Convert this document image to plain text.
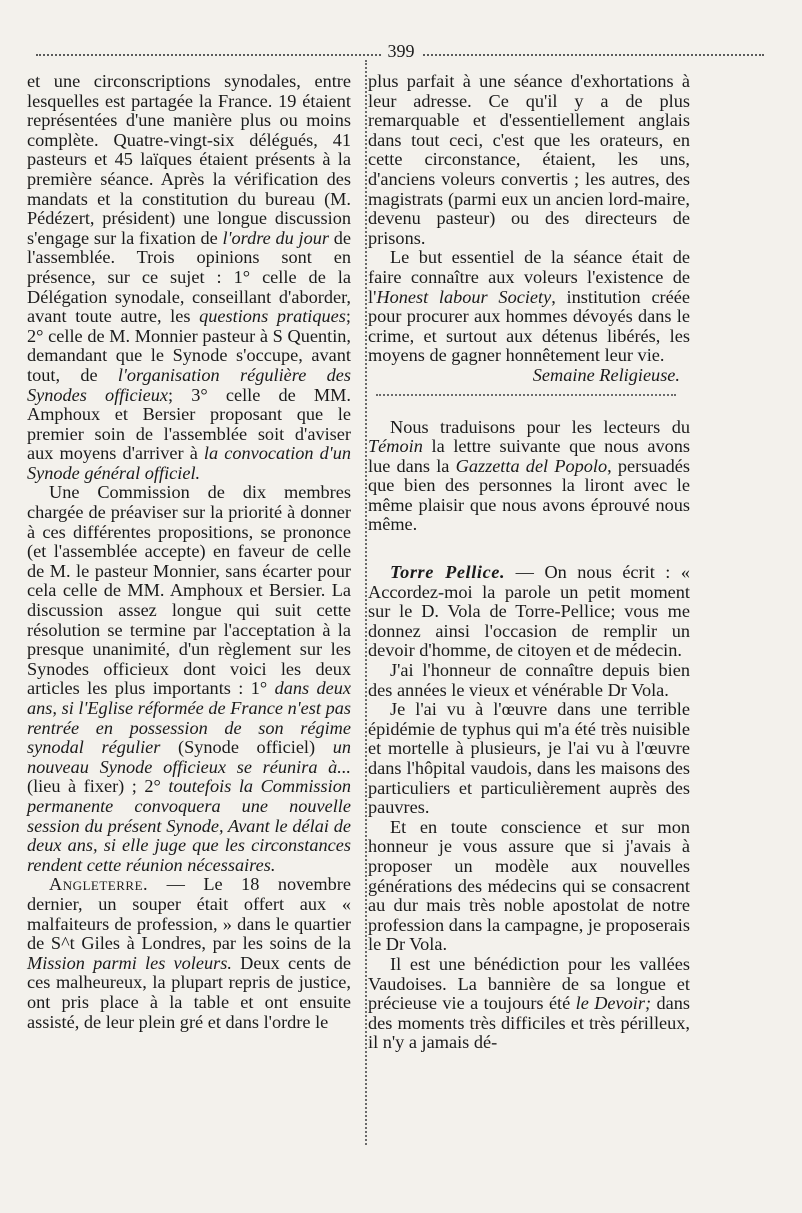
399

et une circonscriptions synodales, entre lesquelles est partagée la France. 19 étaient représentées d'une manière plus ou moins complète. Quatre-vingt-six délégués, 41 pasteurs et 45 laïques étaient présents à la première séance. Après la vérification des mandats et la constitution du bureau (M. Pédézert, président) une longue discussion s'engage sur la fixation de l'ordre du jour de l'assemblée. Trois opinions sont en présence, sur ce sujet : 1° celle de la Délégation synodale, conseillant d'aborder, avant toute autre, les questions pratiques; 2° celle de M. Monnier pasteur à S Quentin, demandant que le Synode s'occupe, avant tout, de l'organisation régulière des Synodes officieux; 3° celle de MM. Amphoux et Bersier proposant que le premier soin de l'assemblée soit d'aviser aux moyens d'arriver à la convocation d'un Synode général officiel.

Une Commission de dix membres chargée de préaviser sur la priorité à donner à ces différentes propositions, se prononce (et l'assemblée accepte) en faveur de celle de M. le pasteur Monnier, sans écarter pour cela celle de MM. Amphoux et Bersier. La discussion assez longue qui suit cette résolution se termine par l'acceptation à la presque unanimité, d'un règlement sur les Synodes officieux dont voici les deux articles les plus importants : 1° dans deux ans, si l'Eglise réformée de France n'est pas rentrée en possession de son régime synodal régulier (Synode officiel) un nouveau Synode officieux se réunira à... (lieu à fixer) ; 2° toutefois la Commission permanente convoquera une nouvelle session du présent Synode, Avant le délai de deux ans, si elle juge que les circonstances rendent cette réunion nécessaires.

Angleterre. — Le 18 novembre dernier, un souper était offert aux « malfaiteurs de profession, » dans le quartier de S^t Giles à Londres, par les soins de la Mission parmi les voleurs. Deux cents de ces malheureux, la plupart repris de justice, ont pris place à la table et ont ensuite assisté, de leur plein gré et dans l'ordre le

plus parfait à une séance d'exhortations à leur adresse. Ce qu'il y a de plus remarquable et d'essentiellement anglais dans tout ceci, c'est que les orateurs, en cette circonstance, étaient, les uns, d'anciens voleurs convertis ; les autres, des magistrats (parmi eux un ancien lord-maire, devenu pasteur) ou des directeurs de prisons.

Le but essentiel de la séance était de faire connaître aux voleurs l'existence de l'Honest labour Society, institution créée pour procurer aux hommes dévoyés dans le crime, et surtout aux détenus libérés, les moyens de gagner honnêtement leur vie.

Semaine Religieuse.

Nous traduisons pour les lecteurs du Témoin la lettre suivante que nous avons lue dans la Gazzetta del Popolo, persuadés que bien des personnes la liront avec le même plaisir que nous avons éprouvé nous même.

Torre Pellice. — On nous écrit : « Accordez-moi la parole un petit moment sur le D. Vola de Torre-Pellice; vous me donnez ainsi l'occasion de remplir un devoir d'homme, de citoyen et de médecin.

J'ai l'honneur de connaître depuis bien des années le vieux et vénérable Dr Vola.

Je l'ai vu à l'œuvre dans une terrible épidémie de typhus qui m'a été très nuisible et mortelle à plusieurs, je l'ai vu à l'œuvre dans l'hôpital vaudois, dans les maisons des particuliers et particulièrement auprès des pauvres.

Et en toute conscience et sur mon honneur je vous assure que si j'avais à proposer un modèle aux nouvelles générations des médecins qui se consacrent au dur mais très noble apostolat de notre profession dans la campagne, je proposerais le Dr Vola.

Il est une bénédiction pour les vallées Vaudoises. La bannière de sa longue et précieuse vie a toujours été le Devoir; dans des moments très difficiles et très périlleux, il n'y a jamais dé-
